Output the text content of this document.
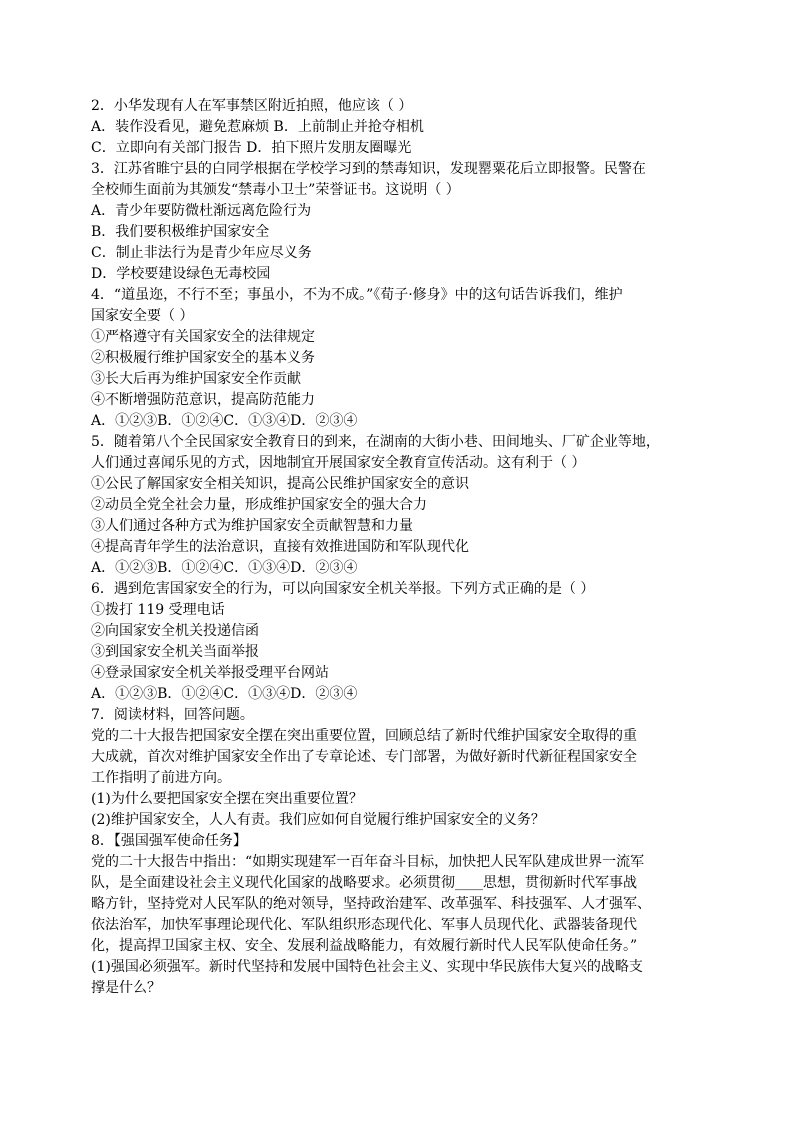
2．小华发现有人在军事禁区附近拍照，他应该（ ）
A．装作没看见，避免惹麻烦 B．上前制止并抢夺相机
C．立即向有关部门报告 D．拍下照片发朋友圈曝光
3．江苏省睢宁县的白同学根据在学校学习到的禁毒知识，发现罂粟花后立即报警。民警在
全校师生面前为其颁发“禁毒小卫士”荣誉证书。这说明（ ）
A．青少年要防微杜渐远离危险行为
B．我们要积极维护国家安全
C．制止非法行为是青少年应尽义务
D．学校要建设绿色无毒校园
4．“道虽迩，不行不至；事虽小，不为不成。”《荀子·修身》中的这句话告诉我们，维护
国家安全要（ ）
①严格遵守有关国家安全的法律规定
②积极履行维护国家安全的基本义务
③长大后再为维护国家安全作贡献
④不断增强防范意识，提高防范能力
A．①②③B．①②④C．①③④D．②③④
5．随着第八个全民国家安全教育日的到来，在湖南的大街小巷、田间地头、厂矿企业等地，
人们通过喜闻乐见的方式，因地制宜开展国家安全教育宣传活动。这有利于（ ）
①公民了解国家安全相关知识，提高公民维护国家安全的意识
②动员全党全社会力量，形成维护国家安全的强大合力
③人们通过各种方式为维护国家安全贡献智慧和力量
④提高青年学生的法治意识，直接有效推进国防和军队现代化
A．①②③B．①②④C．①③④D．②③④
6．遇到危害国家安全的行为，可以向国家安全机关举报。下列方式正确的是（ ）
①拨打 119 受理电话
②向国家安全机关投递信函
③到国家安全机关当面举报
④登录国家安全机关举报受理平台网站
A．①②③B．①②④C．①③④D．②③④
7．阅读材料，回答问题。
党的二十大报告把国家安全摆在突出重要位置，回顾总结了新时代维护国家安全取得的重
大成就，首次对维护国家安全作出了专章论述、专门部署，为做好新时代新征程国家安全
工作指明了前进方向。
(1)为什么要把国家安全摆在突出重要位置？
(2)维护国家安全，人人有责。我们应如何自觉履行维护国家安全的义务？
8．【强国强军使命任务】
党的二十大报告中指出：“如期实现建军一百年奋斗目标，加快把人民军队建成世界一流军
队，是全面建设社会主义现代化国家的战略要求。必须贯彻____思想，贯彻新时代军事战
略方针，坚持党对人民军队的绝对领导，坚持政治建军、改革强军、科技强军、人才强军、
依法治军，加快军事理论现代化、军队组织形态现代化、军事人员现代化、武器装备现代
化，提高捍卫国家主权、安全、发展利益战略能力，有效履行新时代人民军队使命任务。”
(1)强国必须强军。新时代坚持和发展中国特色社会主义、实现中华民族伟大复兴的战略支
撑是什么？
